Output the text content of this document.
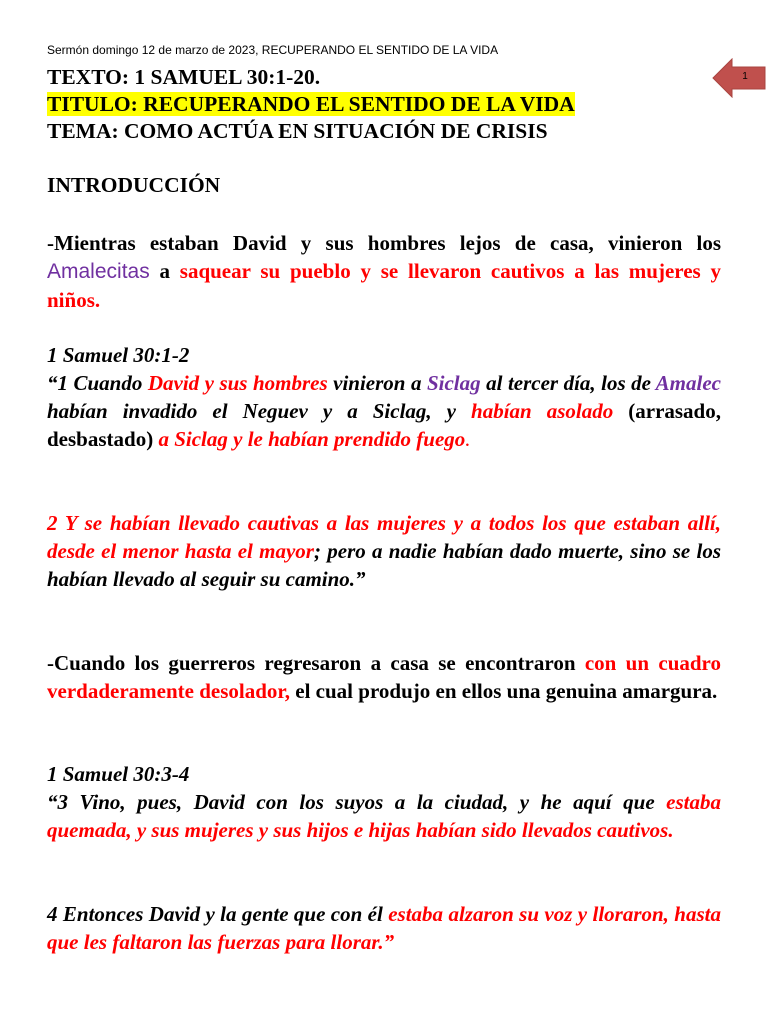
Sermón domingo 12 de marzo de 2023, RECUPERANDO EL SENTIDO DE LA VIDA
TEXTO: 1 SAMUEL 30:1-20.
TITULO: RECUPERANDO EL SENTIDO DE LA VIDA
TEMA: COMO ACTÚA EN SITUACIÓN DE CRISIS
1
INTRODUCCIÓN

-Mientras estaban David y sus hombres lejos de casa, vinieron los Amalecitas a saquear su pueblo y se llevaron cautivos a las mujeres y niños.

1 Samuel 30:1-2

“1 Cuando David y sus hombres vinieron a Siclag al tercer día, los de Amalec habían invadido el Neguev y a Siclag, y habían asolado (arrasado, desbastado) a Siclag y le habían prendido fuego.

2 Y se habían llevado cautivas a las mujeres y a todos los que estaban allí, desde el menor hasta el mayor; pero a nadie habían dado muerte, sino se los habían llevado al seguir su camino.”

-Cuando los guerreros regresaron a casa se encontraron con un cuadro verdaderamente desolador, el cual produjo en ellos una genuina amargura.

1 Samuel 30:3-4

“3 Vino, pues, David con los suyos a la ciudad, y he aquí que estaba quemada, y sus mujeres y sus hijos e hijas habían sido llevados cautivos.

4 Entonces David y la gente que con él estaba alzaron su voz y lloraron, hasta que les faltaron las fuerzas para llorar.”
